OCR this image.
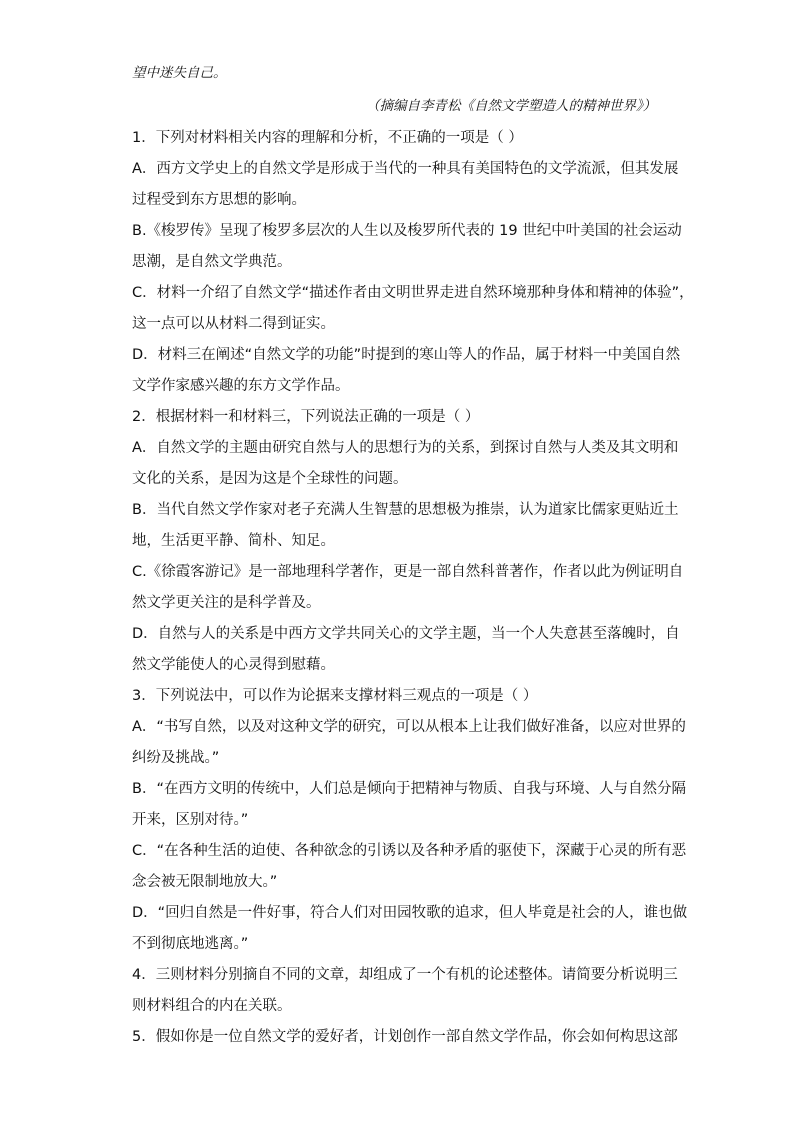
望中迷失自己。
（摘编自李青松《自然文学塑造人的精神世界》）
1．下列对材料相关内容的理解和分析，不正确的一项是（ ）
A．西方文学史上的自然文学是形成于当代的一种具有美国特色的文学流派，但其发展
过程受到东方思想的影响。
B.《梭罗传》呈现了梭罗多层次的人生以及梭罗所代表的 19 世纪中叶美国的社会运动
思潮，是自然文学典范。
C．材料一介绍了自然文学“描述作者由文明世界走进自然环境那种身体和精神的体验”，
这一点可以从材料二得到证实。
D．材料三在阐述“自然文学的功能”时提到的寒山等人的作品，属于材料一中美国自然
文学作家感兴趣的东方文学作品。
2．根据材料一和材料三，下列说法正确的一项是（ ）
A．自然文学的主题由研究自然与人的思想行为的关系，到探讨自然与人类及其文明和
文化的关系，是因为这是个全球性的问题。
B．当代自然文学作家对老子充满人生智慧的思想极为推崇，认为道家比儒家更贴近土
地，生活更平静、简朴、知足。
C.《徐霞客游记》是一部地理科学著作，更是一部自然科普著作，作者以此为例证明自
然文学更关注的是科学普及。
D．自然与人的关系是中西方文学共同关心的文学主题，当一个人失意甚至落魄时，自
然文学能使人的心灵得到慰藉。
3．下列说法中，可以作为论据来支撑材料三观点的一项是（ ）
A．“书写自然，以及对这种文学的研究，可以从根本上让我们做好准备，以应对世界的
纠纷及挑战。”
B．“在西方文明的传统中，人们总是倾向于把精神与物质、自我与环境、人与自然分隔
开来，区别对待。”
C．“在各种生活的迫使、各种欲念的引诱以及各种矛盾的驱使下，深藏于心灵的所有恶
念会被无限制地放大。”
D．“回归自然是一件好事，符合人们对田园牧歌的追求，但人毕竟是社会的人，谁也做
不到彻底地逃离。”
4．三则材料分别摘自不同的文章，却组成了一个有机的论述整体。请简要分析说明三
则材料组合的内在关联。
5．假如你是一位自然文学的爱好者，计划创作一部自然文学作品，你会如何构思这部
